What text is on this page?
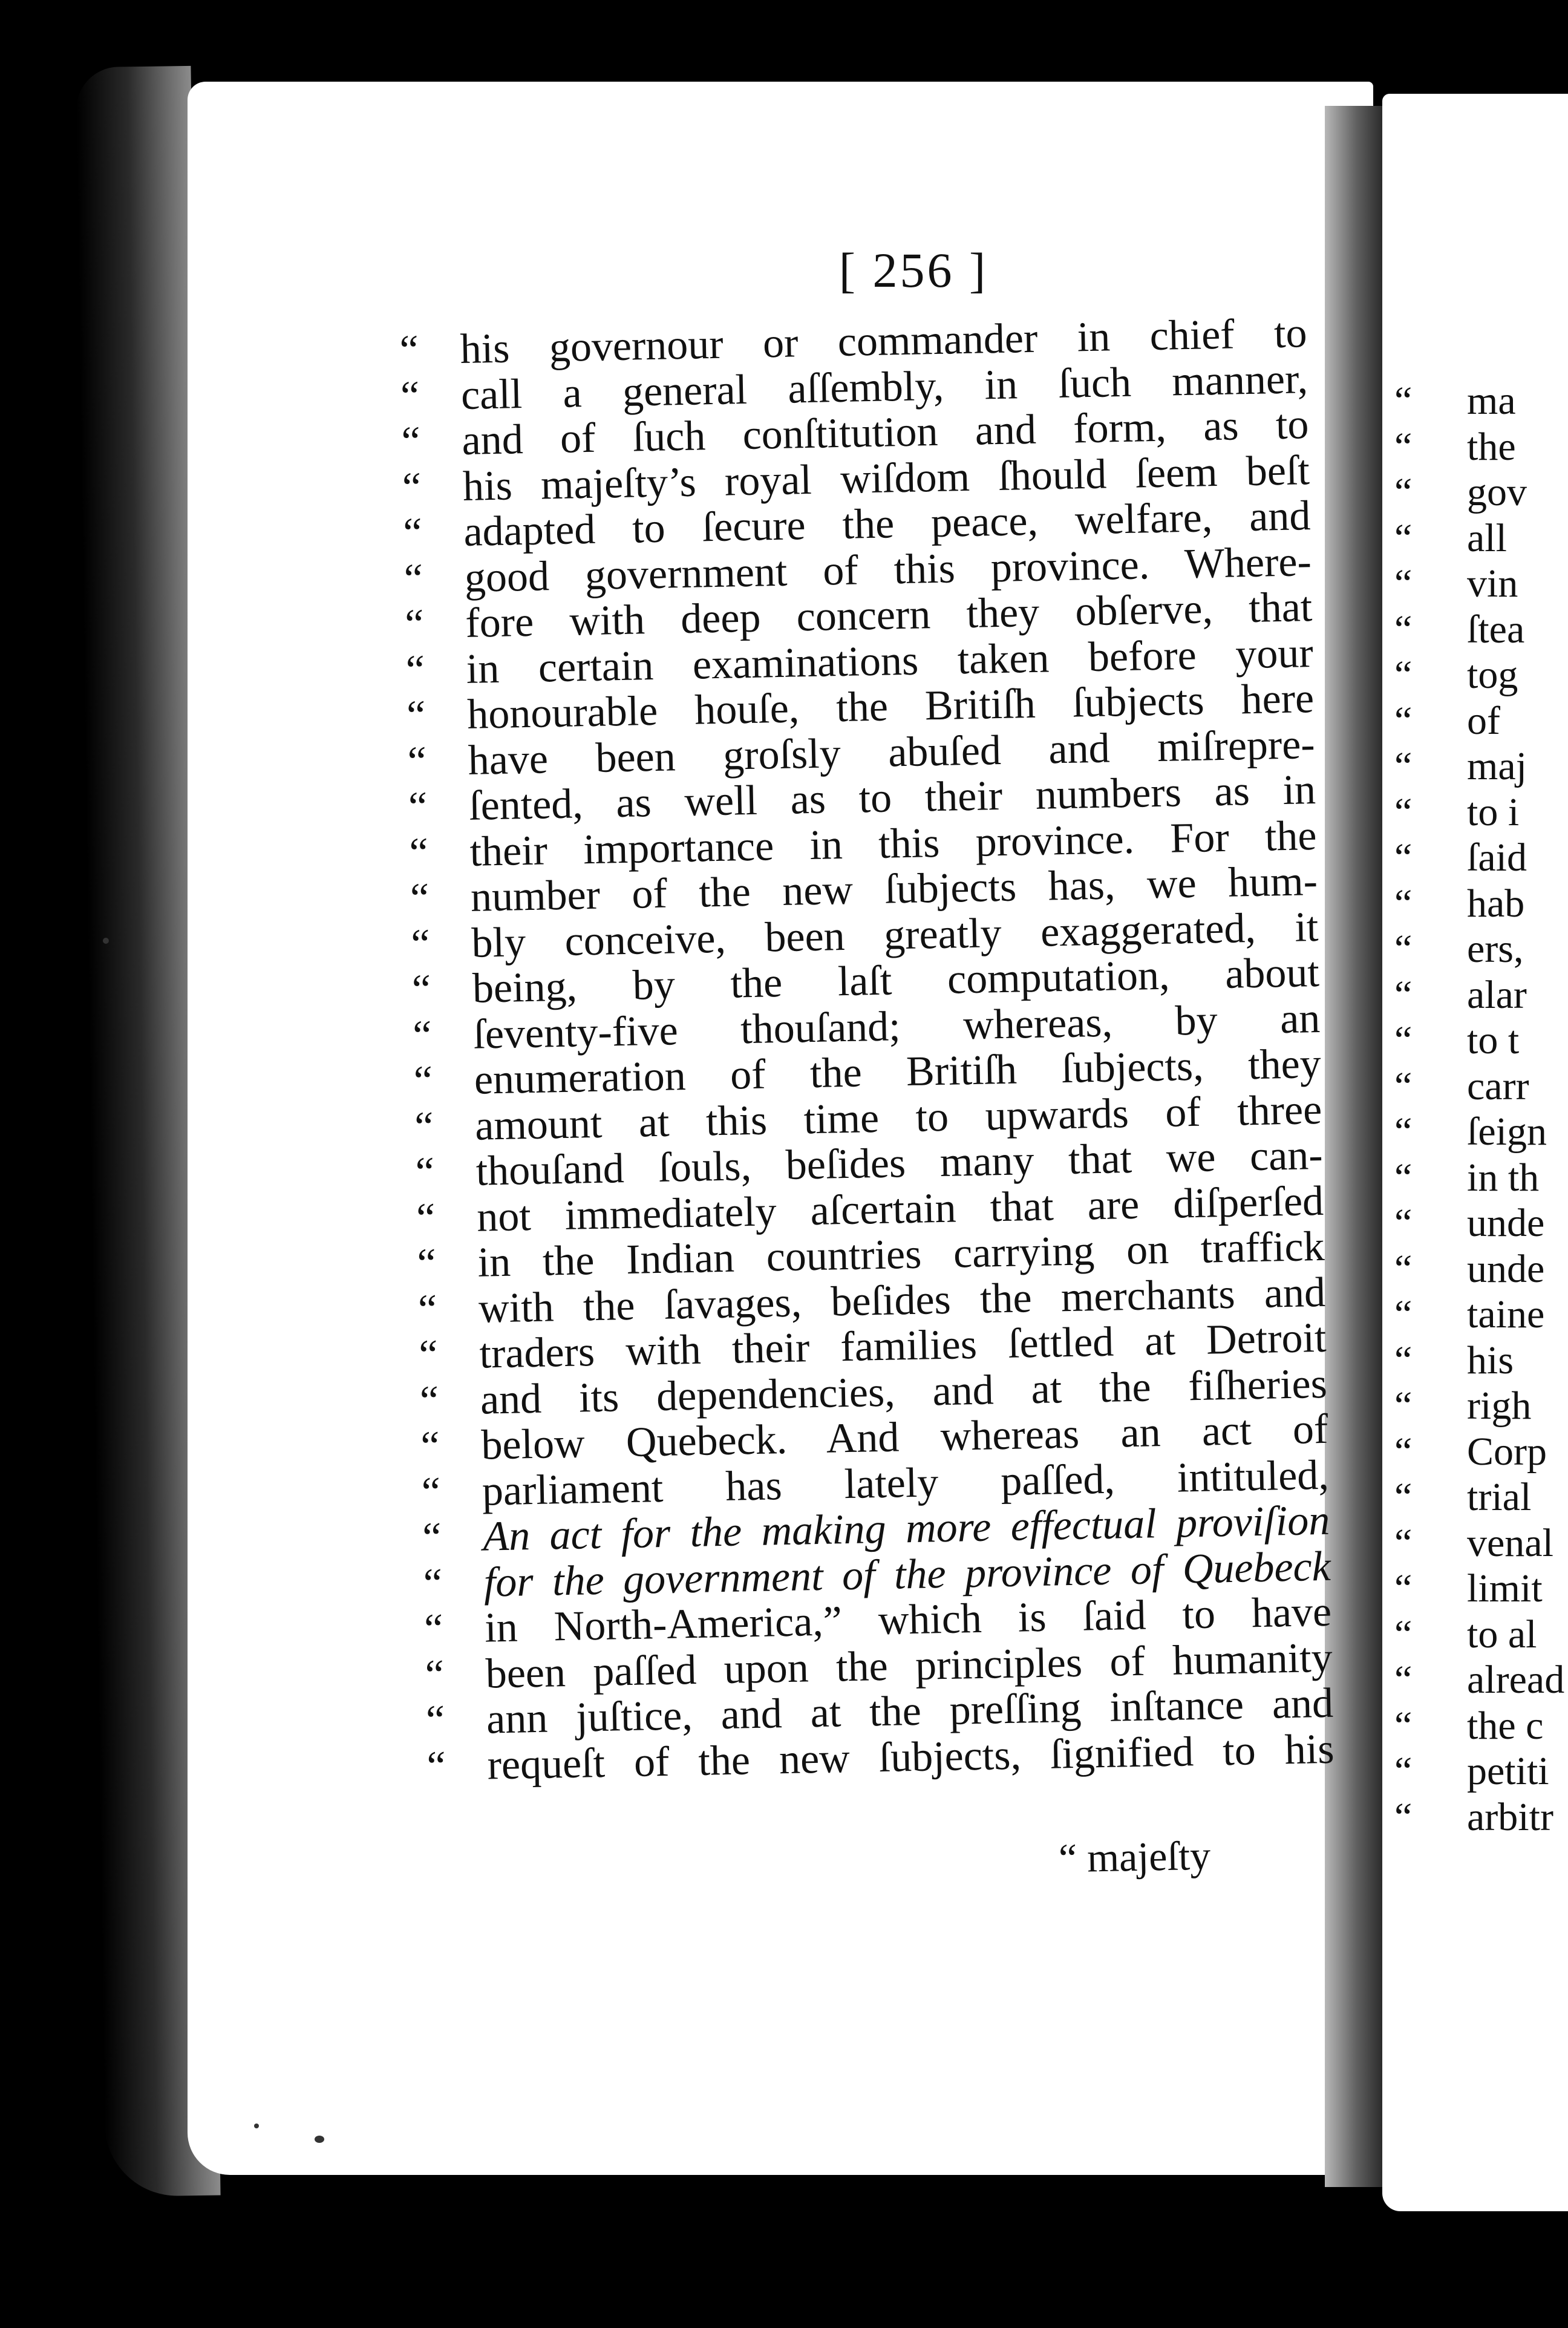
“ ma
“ the
“ gov
“ all
“ vin
“ ſtea
“ tog
“ of
“ maj
“ to i
“ ſaid
“ hab
“ ers,
“ alar
“ to t
“ carr
“ ſeign
“ in th
“ unde
“ unde
“ taine
“ his
“ righ
“ Corp
“ trial
“ venal
“ limit
“ to al
“ alread
“ the c
“ petiti
“ arbitr
[ 256 ]
“ his governour or commander in chief to
“ call a general aſſembly, in ſuch manner,
“ and of ſuch conſtitution and form, as to
“ his majeſty’s royal wiſdom ſhould ſeem beſt
“ adapted to ſecure the peace, welfare, and
“ good government of this province. Where-
“ fore with deep concern they obſerve, that
“ in certain examinations taken before your
“ honourable houſe, the Britiſh ſubjects here
“ have been groſsly abuſed and miſrepre-
“ ſented, as well as to their numbers as in
“ their importance in this province. For the
“ number of the new ſubjects has, we hum-
“ bly conceive, been greatly exaggerated, it
“ being, by the laſt computation, about
“ ſeventy-five thouſand; whereas, by an
“ enumeration of the Britiſh ſubjects, they
“ amount at this time to upwards of three
“ thouſand ſouls, beſides many that we can-
“ not immediately aſcertain that are diſperſed
“ in the Indian countries carrying on traffick
“ with the ſavages, beſides the merchants and
“ traders with their families ſettled at Detroit
“ and its dependencies, and at the fiſheries
“ below Quebeck. And whereas an act of
“ parliament has lately paſſed, intituled,
“ An act for the making more effectual proviſion
“ for the government of the province of Quebeck
“ in North-America,” which is ſaid to have
“ been paſſed upon the principles of humanity
“ ann juſtice, and at the preſſing inſtance and
“ requeſt of the new ſubjects, ſignified to his
“ majeſty
